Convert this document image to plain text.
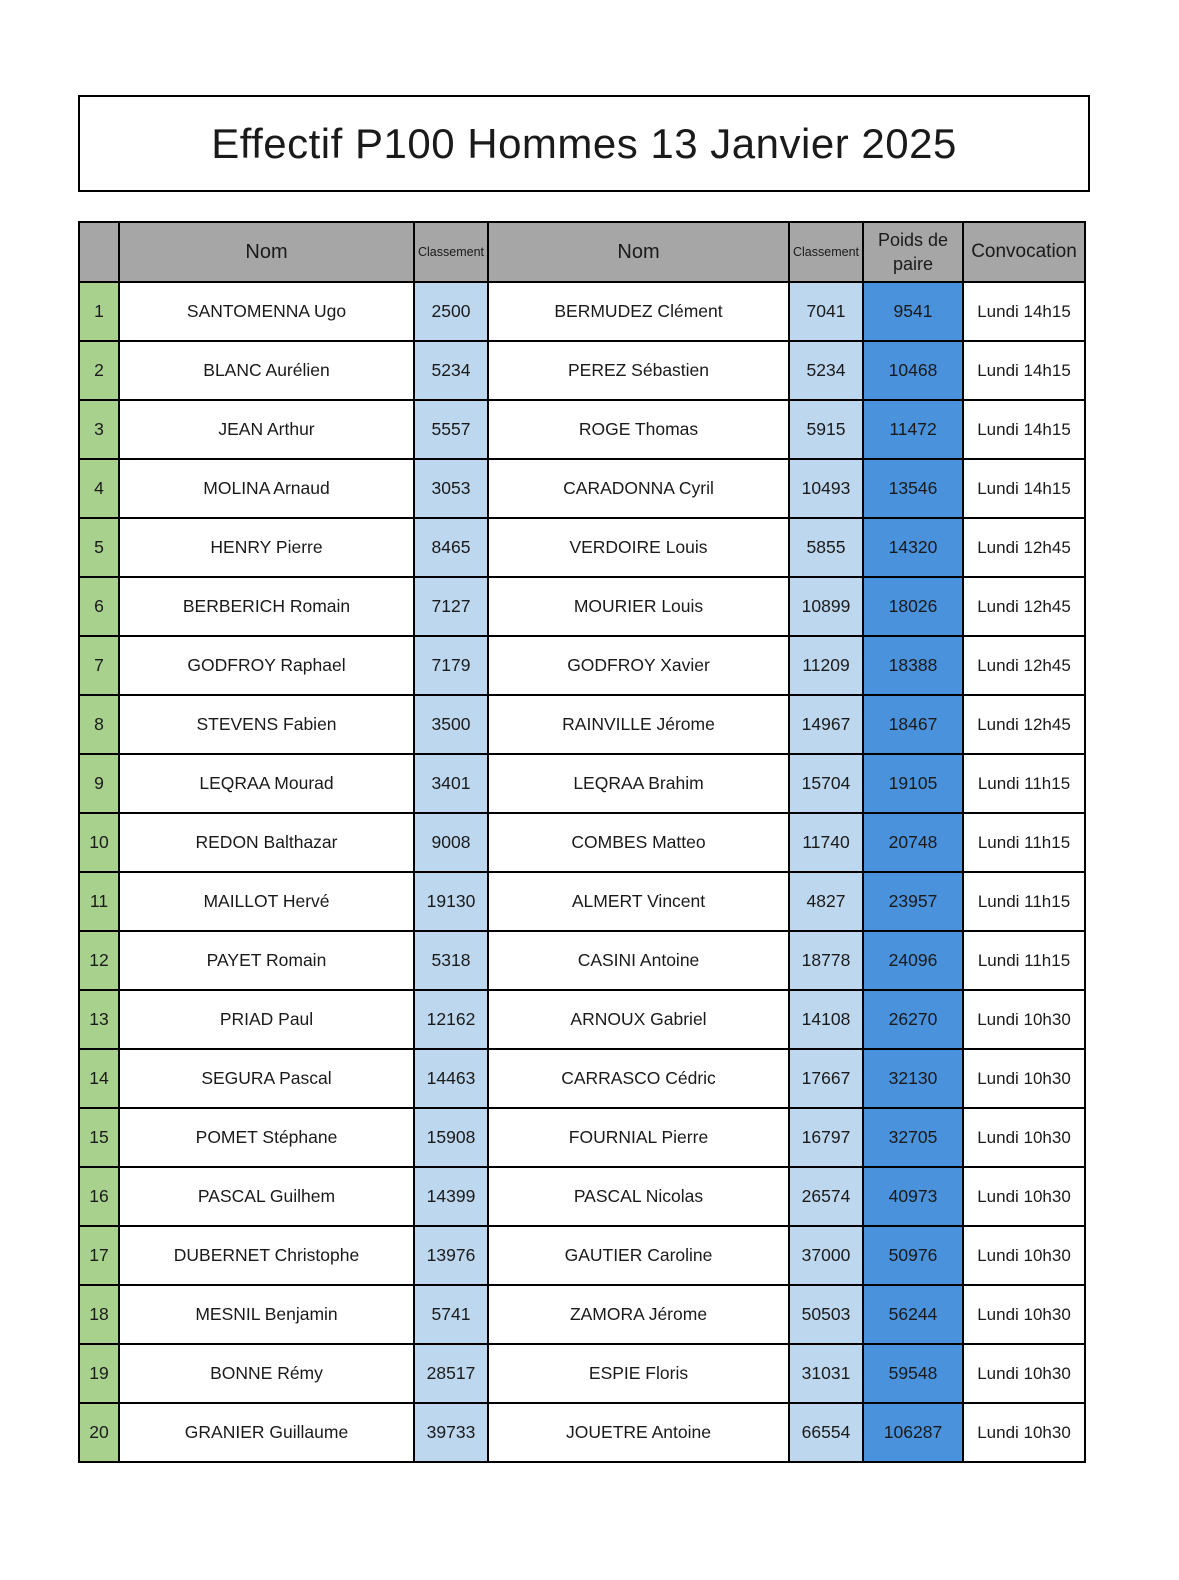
Effectif P100 Hommes 13 Janvier 2025
	Nom	Classement	Nom	Classement	Poids de paire	Convocation
1	SANTOMENNA Ugo	2500	BERMUDEZ Clément	7041	9541	Lundi 14h15
2	BLANC Aurélien	5234	PEREZ Sébastien	5234	10468	Lundi 14h15
3	JEAN Arthur	5557	ROGE Thomas	5915	11472	Lundi 14h15
4	MOLINA Arnaud	3053	CARADONNA Cyril	10493	13546	Lundi 14h15
5	HENRY Pierre	8465	VERDOIRE Louis	5855	14320	Lundi 12h45
6	BERBERICH Romain	7127	MOURIER Louis	10899	18026	Lundi 12h45
7	GODFROY Raphael	7179	GODFROY Xavier	11209	18388	Lundi 12h45
8	STEVENS Fabien	3500	RAINVILLE Jérome	14967	18467	Lundi 12h45
9	LEQRAA Mourad	3401	LEQRAA Brahim	15704	19105	Lundi 11h15
10	REDON Balthazar	9008	COMBES Matteo	11740	20748	Lundi 11h15
11	MAILLOT Hervé	19130	ALMERT Vincent	4827	23957	Lundi 11h15
12	PAYET Romain	5318	CASINI Antoine	18778	24096	Lundi 11h15
13	PRIAD Paul	12162	ARNOUX Gabriel	14108	26270	Lundi 10h30
14	SEGURA Pascal	14463	CARRASCO Cédric	17667	32130	Lundi 10h30
15	POMET Stéphane	15908	FOURNIAL Pierre	16797	32705	Lundi 10h30
16	PASCAL Guilhem	14399	PASCAL Nicolas	26574	40973	Lundi 10h30
17	DUBERNET Christophe	13976	GAUTIER Caroline	37000	50976	Lundi 10h30
18	MESNIL Benjamin	5741	ZAMORA Jérome	50503	56244	Lundi 10h30
19	BONNE Rémy	28517	ESPIE Floris	31031	59548	Lundi 10h30
20	GRANIER Guillaume	39733	JOUETRE Antoine	66554	106287	Lundi 10h30
